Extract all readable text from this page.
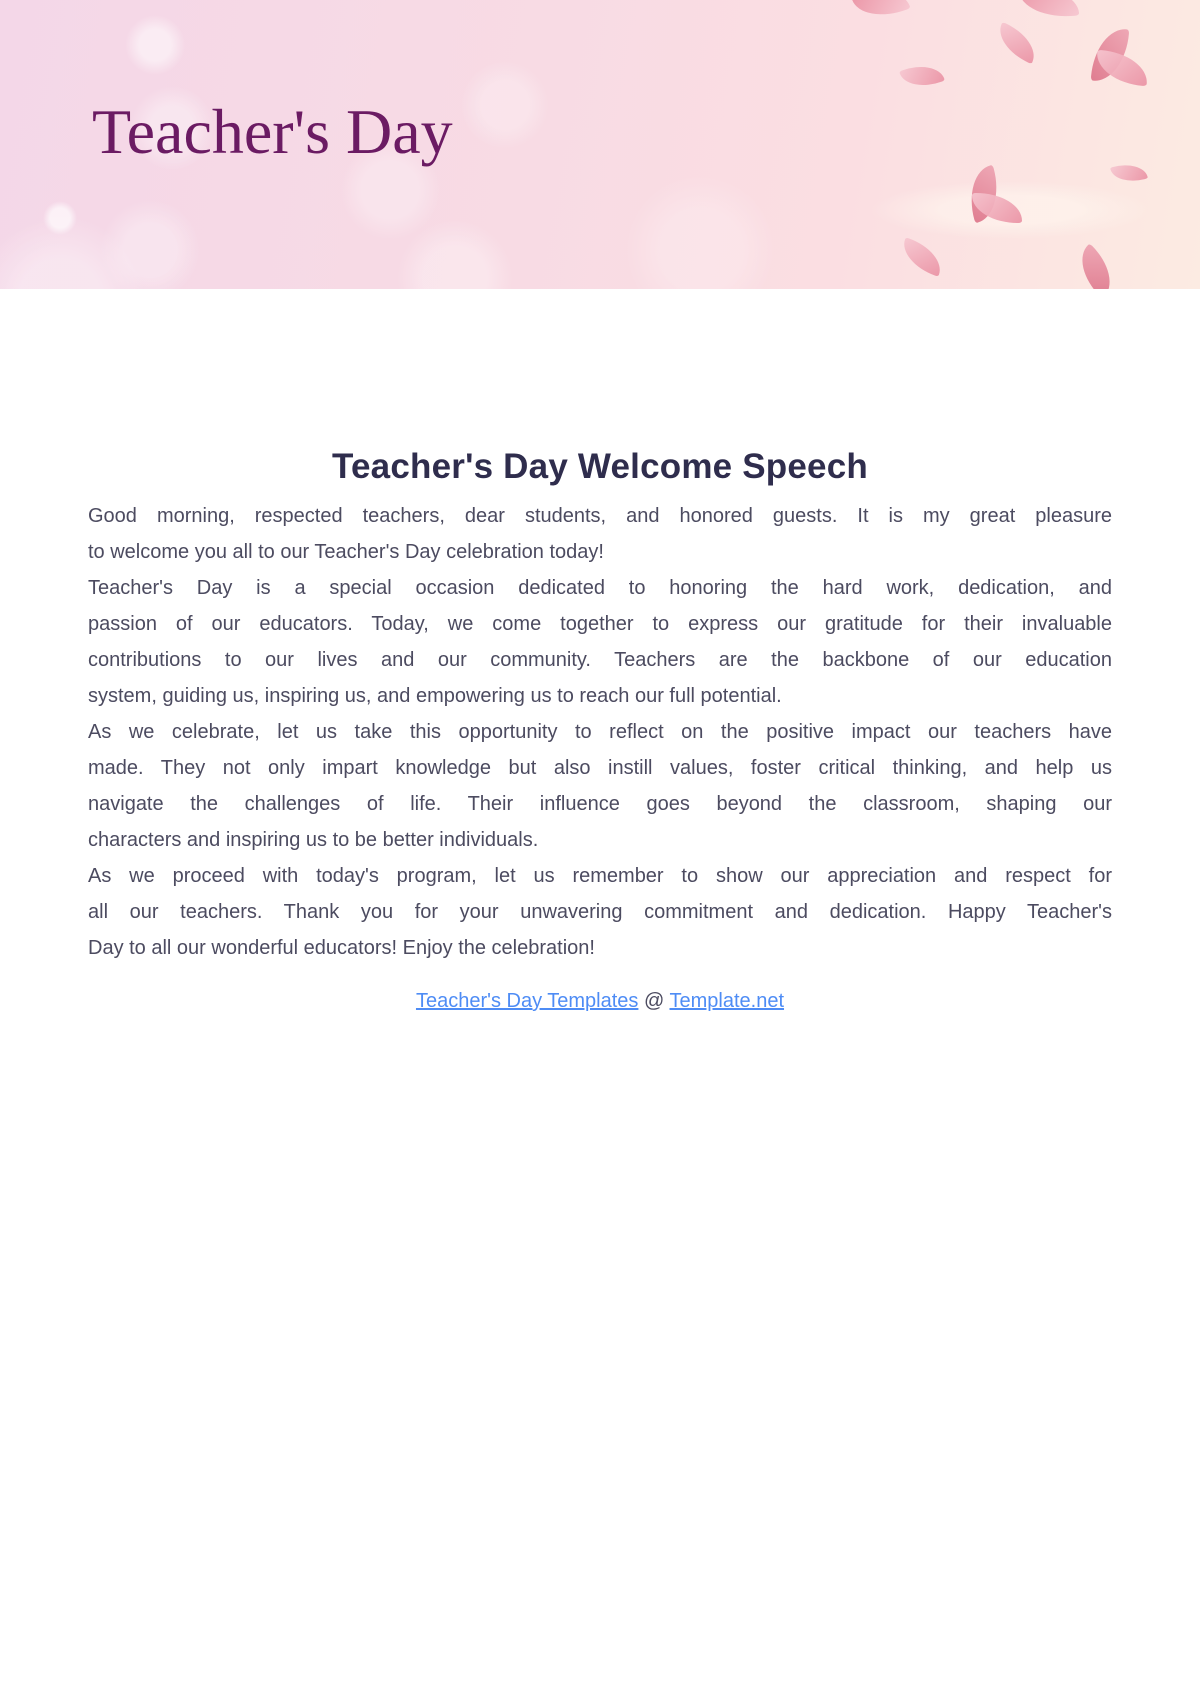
Teacher's Day
Teacher's Day Welcome Speech
Good morning, respected teachers, dear students, and honored guests. It is my great pleasure
to welcome you all to our Teacher's Day celebration today!
Teacher's Day is a special occasion dedicated to honoring the hard work, dedication, and
passion of our educators. Today, we come together to express our gratitude for their invaluable
contributions to our lives and our community. Teachers are the backbone of our education
system, guiding us, inspiring us, and empowering us to reach our full potential.
As we celebrate, let us take this opportunity to reflect on the positive impact our teachers have
made. They not only impart knowledge but also instill values, foster critical thinking, and help us
navigate the challenges of life. Their influence goes beyond the classroom, shaping our
characters and inspiring us to be better individuals.
As we proceed with today's program, let us remember to show our appreciation and respect for
all our teachers. Thank you for your unwavering commitment and dedication. Happy Teacher's
Day to all our wonderful educators! Enjoy the celebration!

Teacher's Day Templates @ Template.net
